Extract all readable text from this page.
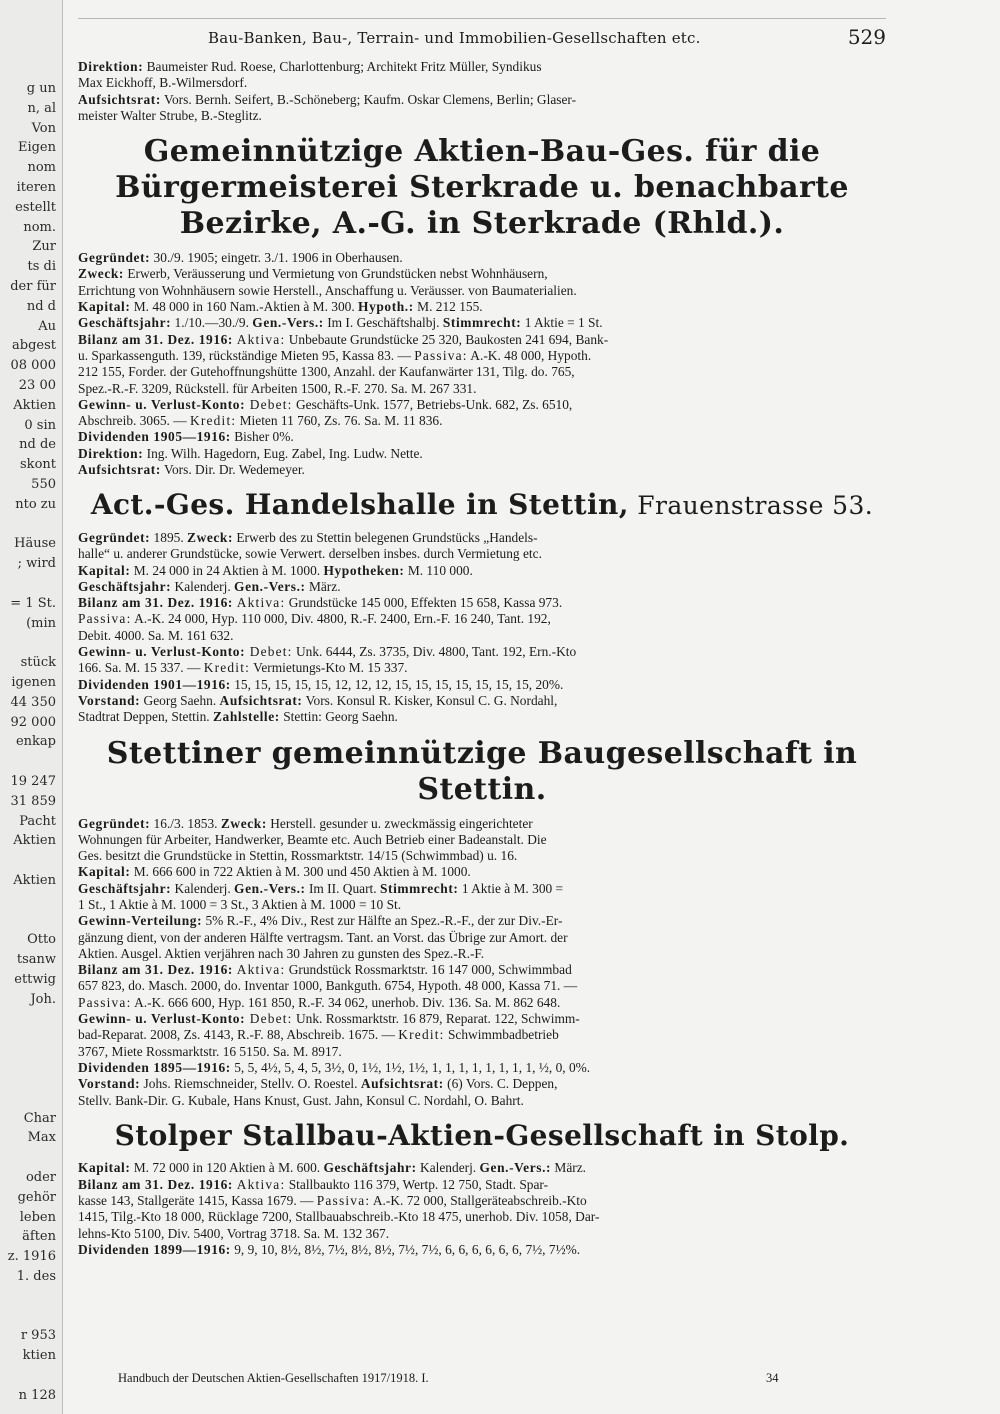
g un
n, al
Von
Eigen
nom
iteren
estellt
nom.
Zur
ts di
der für
nd d
Au
abgest
08 000
23 00
Aktien
0 sin
nd de
skont
550
nto zu
Häuse
; wird
= 1 St.
(min
stück
igenen
44 350
92 000
enkap
19 247
31 859
Pacht
Aktien
Aktien
Otto
tsanw
ettwig
Joh.
Char
Max
oder
gehör
leben
äften
z. 1916
1. des
r 953
ktien
n 128
Bau-Banken, Bau-, Terrain- und Immobilien-Gesellschaften etc.	529
Direktion: Baumeister Rud. Roese, Charlottenburg; Architekt Fritz Müller, Syndikus
Max Eickhoff, B.-Wilmersdorf.
Aufsichtsrat: Vors. Bernh. Seifert, B.-Schöneberg; Kaufm. Oskar Clemens, Berlin; Glaser-
meister Walter Strube, B.-Steglitz.
Gemeinnützige Aktien-Bau-Ges. für die Bürgermeisterei Sterkrade u. benachbarte Bezirke, A.-G. in Sterkrade (Rhld.).
Gegründet: 30./9. 1905; eingetr. 3./1. 1906 in Oberhausen.
Zweck: Erwerb, Veräusserung und Vermietung von Grundstücken nebst Wohnhäusern,
Errichtung von Wohnhäusern sowie Herstell., Anschaffung u. Veräusser. von Baumaterialien.
Kapital: M. 48 000 in 160 Nam.-Aktien à M. 300. Hypoth.: M. 212 155.
Geschäftsjahr: 1./10.—30./9. Gen.-Vers.: Im I. Geschäftshalbj. Stimmrecht: 1 Aktie = 1 St.
Bilanz am 31. Dez. 1916: Aktiva: Unbebaute Grundstücke 25 320, Baukosten 241 694, Bank-
u. Sparkassenguth. 139, rückständige Mieten 95, Kassa 83. — Passiva: A.-K. 48 000, Hypoth.
212 155, Forder. der Gutehoffnungshütte 1300, Anzahl. der Kaufanwärter 131, Tilg. do. 765,
Spez.-R.-F. 3209, Rückstell. für Arbeiten 1500, R.-F. 270. Sa. M. 267 331.
Gewinn- u. Verlust-Konto: Debet: Geschäfts-Unk. 1577, Betriebs-Unk. 682, Zs. 6510,
Abschreib. 3065. — Kredit: Mieten 11 760, Zs. 76. Sa. M. 11 836.
Dividenden 1905—1916: Bisher 0%.
Direktion: Ing. Wilh. Hagedorn, Eug. Zabel, Ing. Ludw. Nette.
Aufsichtsrat: Vors. Dir. Dr. Wedemeyer.
Act.-Ges. Handelshalle in Stettin, Frauenstrasse 53.
Gegründet: 1895. Zweck: Erwerb des zu Stettin belegenen Grundstücks „Handels-
halle“ u. anderer Grundstücke, sowie Verwert. derselben insbes. durch Vermietung etc.
Kapital: M. 24 000 in 24 Aktien à M. 1000. Hypotheken: M. 110 000.
Geschäftsjahr: Kalenderj. Gen.-Vers.: März.
Bilanz am 31. Dez. 1916: Aktiva: Grundstücke 145 000, Effekten 15 658, Kassa 973.
Passiva: A.-K. 24 000, Hyp. 110 000, Div. 4800, R.-F. 2400, Ern.-F. 16 240, Tant. 192,
Debit. 4000. Sa. M. 161 632.
Gewinn- u. Verlust-Konto: Debet: Unk. 6444, Zs. 3735, Div. 4800, Tant. 192, Ern.-Kto
166. Sa. M. 15 337. — Kredit: Vermietungs-Kto M. 15 337.
Dividenden 1901—1916: 15, 15, 15, 15, 15, 12, 12, 12, 15, 15, 15, 15, 15, 15, 15, 20%.
Vorstand: Georg Saehn. Aufsichtsrat: Vors. Konsul R. Kisker, Konsul C. G. Nordahl,
Stadtrat Deppen, Stettin. Zahlstelle: Stettin: Georg Saehn.
Stettiner gemeinnützige Baugesellschaft in Stettin.
Gegründet: 16./3. 1853. Zweck: Herstell. gesunder u. zweckmässig eingerichteter
Wohnungen für Arbeiter, Handwerker, Beamte etc. Auch Betrieb einer Badeanstalt. Die
Ges. besitzt die Grundstücke in Stettin, Rossmarktstr. 14/15 (Schwimmbad) u. 16.
Kapital: M. 666 600 in 722 Aktien à M. 300 und 450 Aktien à M. 1000.
Geschäftsjahr: Kalenderj. Gen.-Vers.: Im II. Quart. Stimmrecht: 1 Aktie à M. 300 =
1 St., 1 Aktie à M. 1000 = 3 St., 3 Aktien à M. 1000 = 10 St.
Gewinn-Verteilung: 5% R.-F., 4% Div., Rest zur Hälfte an Spez.-R.-F., der zur Div.-Er-
gänzung dient, von der anderen Hälfte vertragsm. Tant. an Vorst. das Übrige zur Amort. der
Aktien. Ausgel. Aktien verjähren nach 30 Jahren zu gunsten des Spez.-R.-F.
Bilanz am 31. Dez. 1916: Aktiva: Grundstück Rossmarktstr. 16 147 000, Schwimmbad
657 823, do. Masch. 2000, do. Inventar 1000, Bankguth. 6754, Hypoth. 48 000, Kassa 71. —
Passiva: A.-K. 666 600, Hyp. 161 850, R.-F. 34 062, unerhob. Div. 136. Sa. M. 862 648.
Gewinn- u. Verlust-Konto: Debet: Unk. Rossmarktstr. 16 879, Reparat. 122, Schwimm-
bad-Reparat. 2008, Zs. 4143, R.-F. 88, Abschreib. 1675. — Kredit: Schwimmbadbetrieb
3767, Miete Rossmarktstr. 16 5150. Sa. M. 8917.
Dividenden 1895—1916: 5, 5, 4½, 5, 4, 5, 3½, 0, 1½, 1½, 1½, 1, 1, 1, 1, 1, 1, 1, 1, ½, 0, 0%.
Vorstand: Johs. Riemschneider, Stellv. O. Roestel. Aufsichtsrat: (6) Vors. C. Deppen,
Stellv. Bank-Dir. G. Kubale, Hans Knust, Gust. Jahn, Konsul C. Nordahl, O. Bahrt.
Stolper Stallbau-Aktien-Gesellschaft in Stolp.
Kapital: M. 72 000 in 120 Aktien à M. 600. Geschäftsjahr: Kalenderj. Gen.-Vers.: März.
Bilanz am 31. Dez. 1916: Aktiva: Stallbaukto 116 379, Wertp. 12 750, Stadt. Spar-
kasse 143, Stallgeräte 1415, Kassa 1679. — Passiva: A.-K. 72 000, Stallgeräteabschreib.-Kto
1415, Tilg.-Kto 18 000, Rücklage 7200, Stallbauabschreib.-Kto 18 475, unerhob. Div. 1058, Dar-
lehns-Kto 5100, Div. 5400, Vortrag 3718. Sa. M. 132 367.
Dividenden 1899—1916: 9, 9, 10, 8½, 8½, 7½, 8½, 8½, 7½, 7½, 6, 6, 6, 6, 6, 6, 7½, 7½%.
Handbuch der Deutschen Aktien-Gesellschaften 1917/1918. I.	34
